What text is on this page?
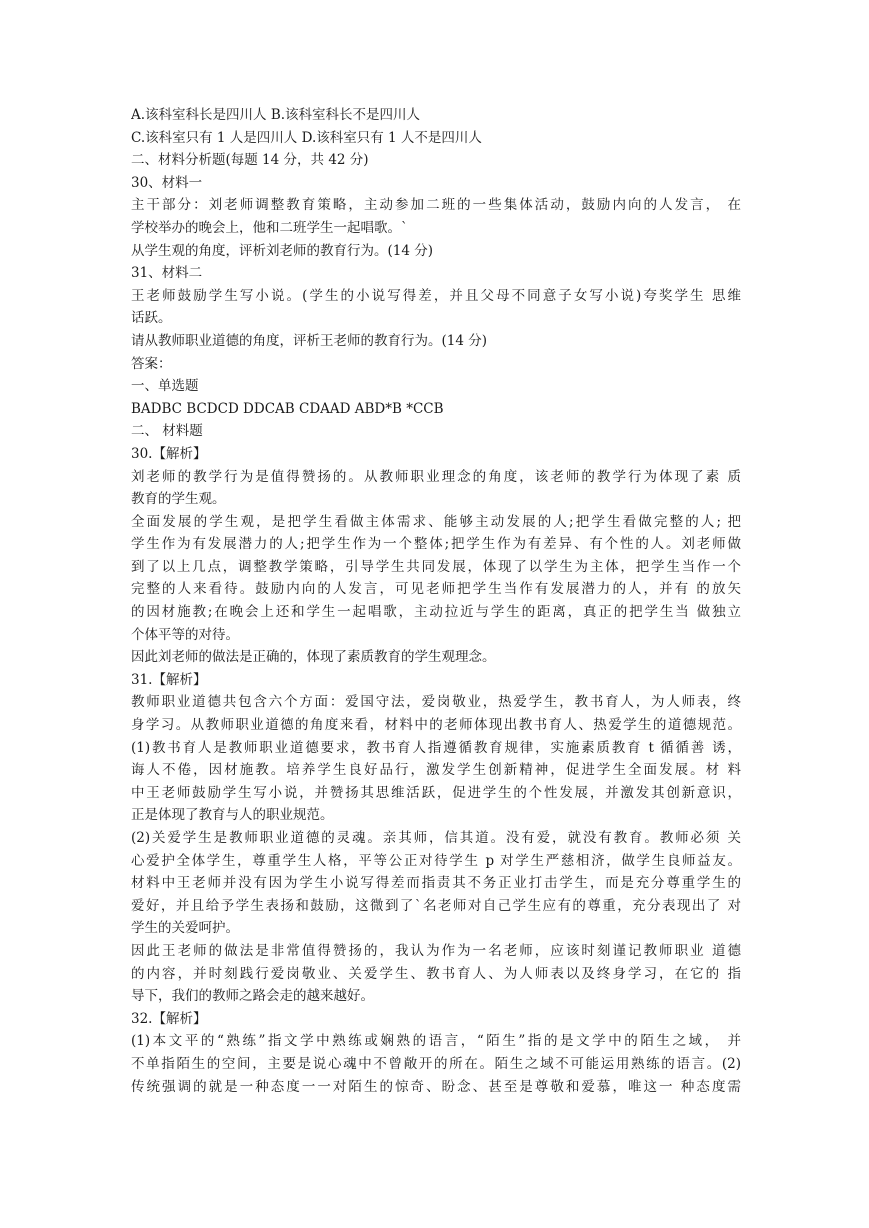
A.该科室科长是四川人 B.该科室科长不是四川人
C.该科室只有 1 人是四川人 D.该科室只有 1 人不是四川人
二、材料分析题(每题 14 分，共 42 分)
30、材料一
主干部分：刘老师调整教育策略，主动参加二班的一些集体活动，鼓励内向的人发言， 在
学校举办的晚会上，他和二班学生一起唱歌。`
从学生观的角度，评析刘老师的教育行为。(14 分)
31、材料二
王老师鼓励学生写小说。(学生的小说写得差，并且父母不同意子女写小说)夸奖学生 思维
话跃。
请从教师职业道德的角度，评析王老师的教育行为。(14 分)
答案：
一、单选题
BADBC BCDCD DDCAB CDAAD ABD*B *CCB
二、 材料题
30.【解析】
刘老师的教学行为是值得赞扬的。从教师职业理念的角度，该老师的教学行为体现了素 质
教育的学生观。
全面发展的学生观，是把学生看做主体需求、能够主动发展的人;把学生看做完整的人; 把
学生作为有发展潜力的人;把学生作为一个整体;把学生作为有差异、有个性的人。刘老师做
到了以上几点，调整教学策略，引导学生共同发展，体现了以学生为主体，把学生当作一个
完整的人来看待。鼓励内向的人发言，可见老师把学生当作有发展潜力的人，并有 的放矢
的因材施教;在晚会上还和学生一起唱歌，主动拉近与学生的距离，真正的把学生当 做独立
个体平等的对待。
因此刘老师的做法是正确的，体现了素质教育的学生观理念。
31.【解析】
教师职业道德共包含六个方面：爱国守法，爱岗敬业，热爱学生，教书育人，为人师表，终
身学习。从教师职业道德的角度来看，材料中的老师体现出教书育人、热爱学生的道德规范。
(1)教书育人是教师职业道德要求，教书育人指遵循教育规律，实施素质教育 t 循循善 诱，
诲人不倦，因材施教。培养学生良好品行，激发学生创新精神，促进学生全面发展。材 料
中王老师鼓励学生写小说，并赞扬其思维活跃，促进学生的个性发展，并激发其创新意识，
正是体现了教育与人的职业规范。
(2)关爱学生是教师职业道德的灵魂。亲其师，信其道。没有爱，就没有教育。教师必须 关
心爱护全体学生，尊重学生人格，平等公正对待学生 p 对学生严慈相济，做学生良师益友。
材料中王老师并没有因为学生小说写得差而指责其不务正业打击学生，而是充分尊重学生的
爱好，并且给予学生表扬和鼓励，这微到了`名老师对自己学生应有的尊重，充分表现出了 对
学生的关爱呵护。
因此王老师的做法是非常值得赞扬的，我认为作为一名老师，应该时刻谨记教师职业 道德
的内容，并时刻践行爱岗敬业、关爱学生、教书育人、为人师表以及终身学习，在它的 指
导下，我们的教师之路会走的越来越好。
32.【解析】
(1)本文平的“熟练”指文学中熟练或娴熟的语言，“陌生”指的是文学中的陌生之域， 并
不单指陌生的空间，主要是说心魂中不曾敞开的所在。陌生之域不可能运用熟练的语言。(2)
传统强调的就是一种态度一一对陌生的惊奇、盼念、甚至是尊敬和爱慕，唯这一 种态度需
